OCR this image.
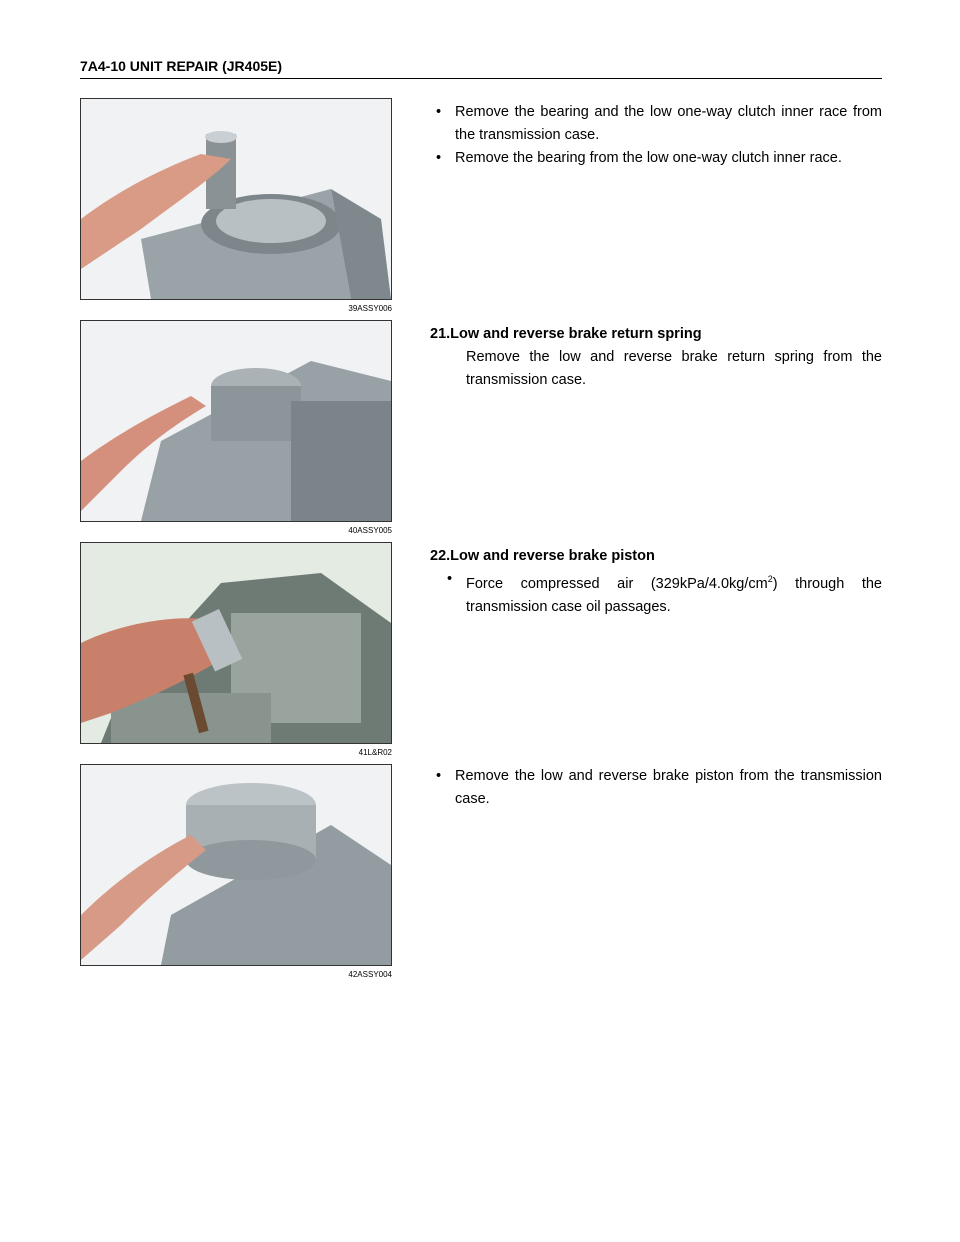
7A4-10 UNIT REPAIR (JR405E)
39ASSY006
• Remove the bearing and the low one-way clutch inner race from the transmission case.
• Remove the bearing from the low one-way clutch inner race.
40ASSY005
21.Low and reverse brake return spring
Remove the low and reverse brake return spring from the transmission case.
41L&R02
22.Low and reverse brake piston
• Force compressed air $(329kPa/4.0kg/cm^2)$ through the transmission case oil passages.
42ASSY004
• Remove the low and reverse brake piston from the transmission case.
